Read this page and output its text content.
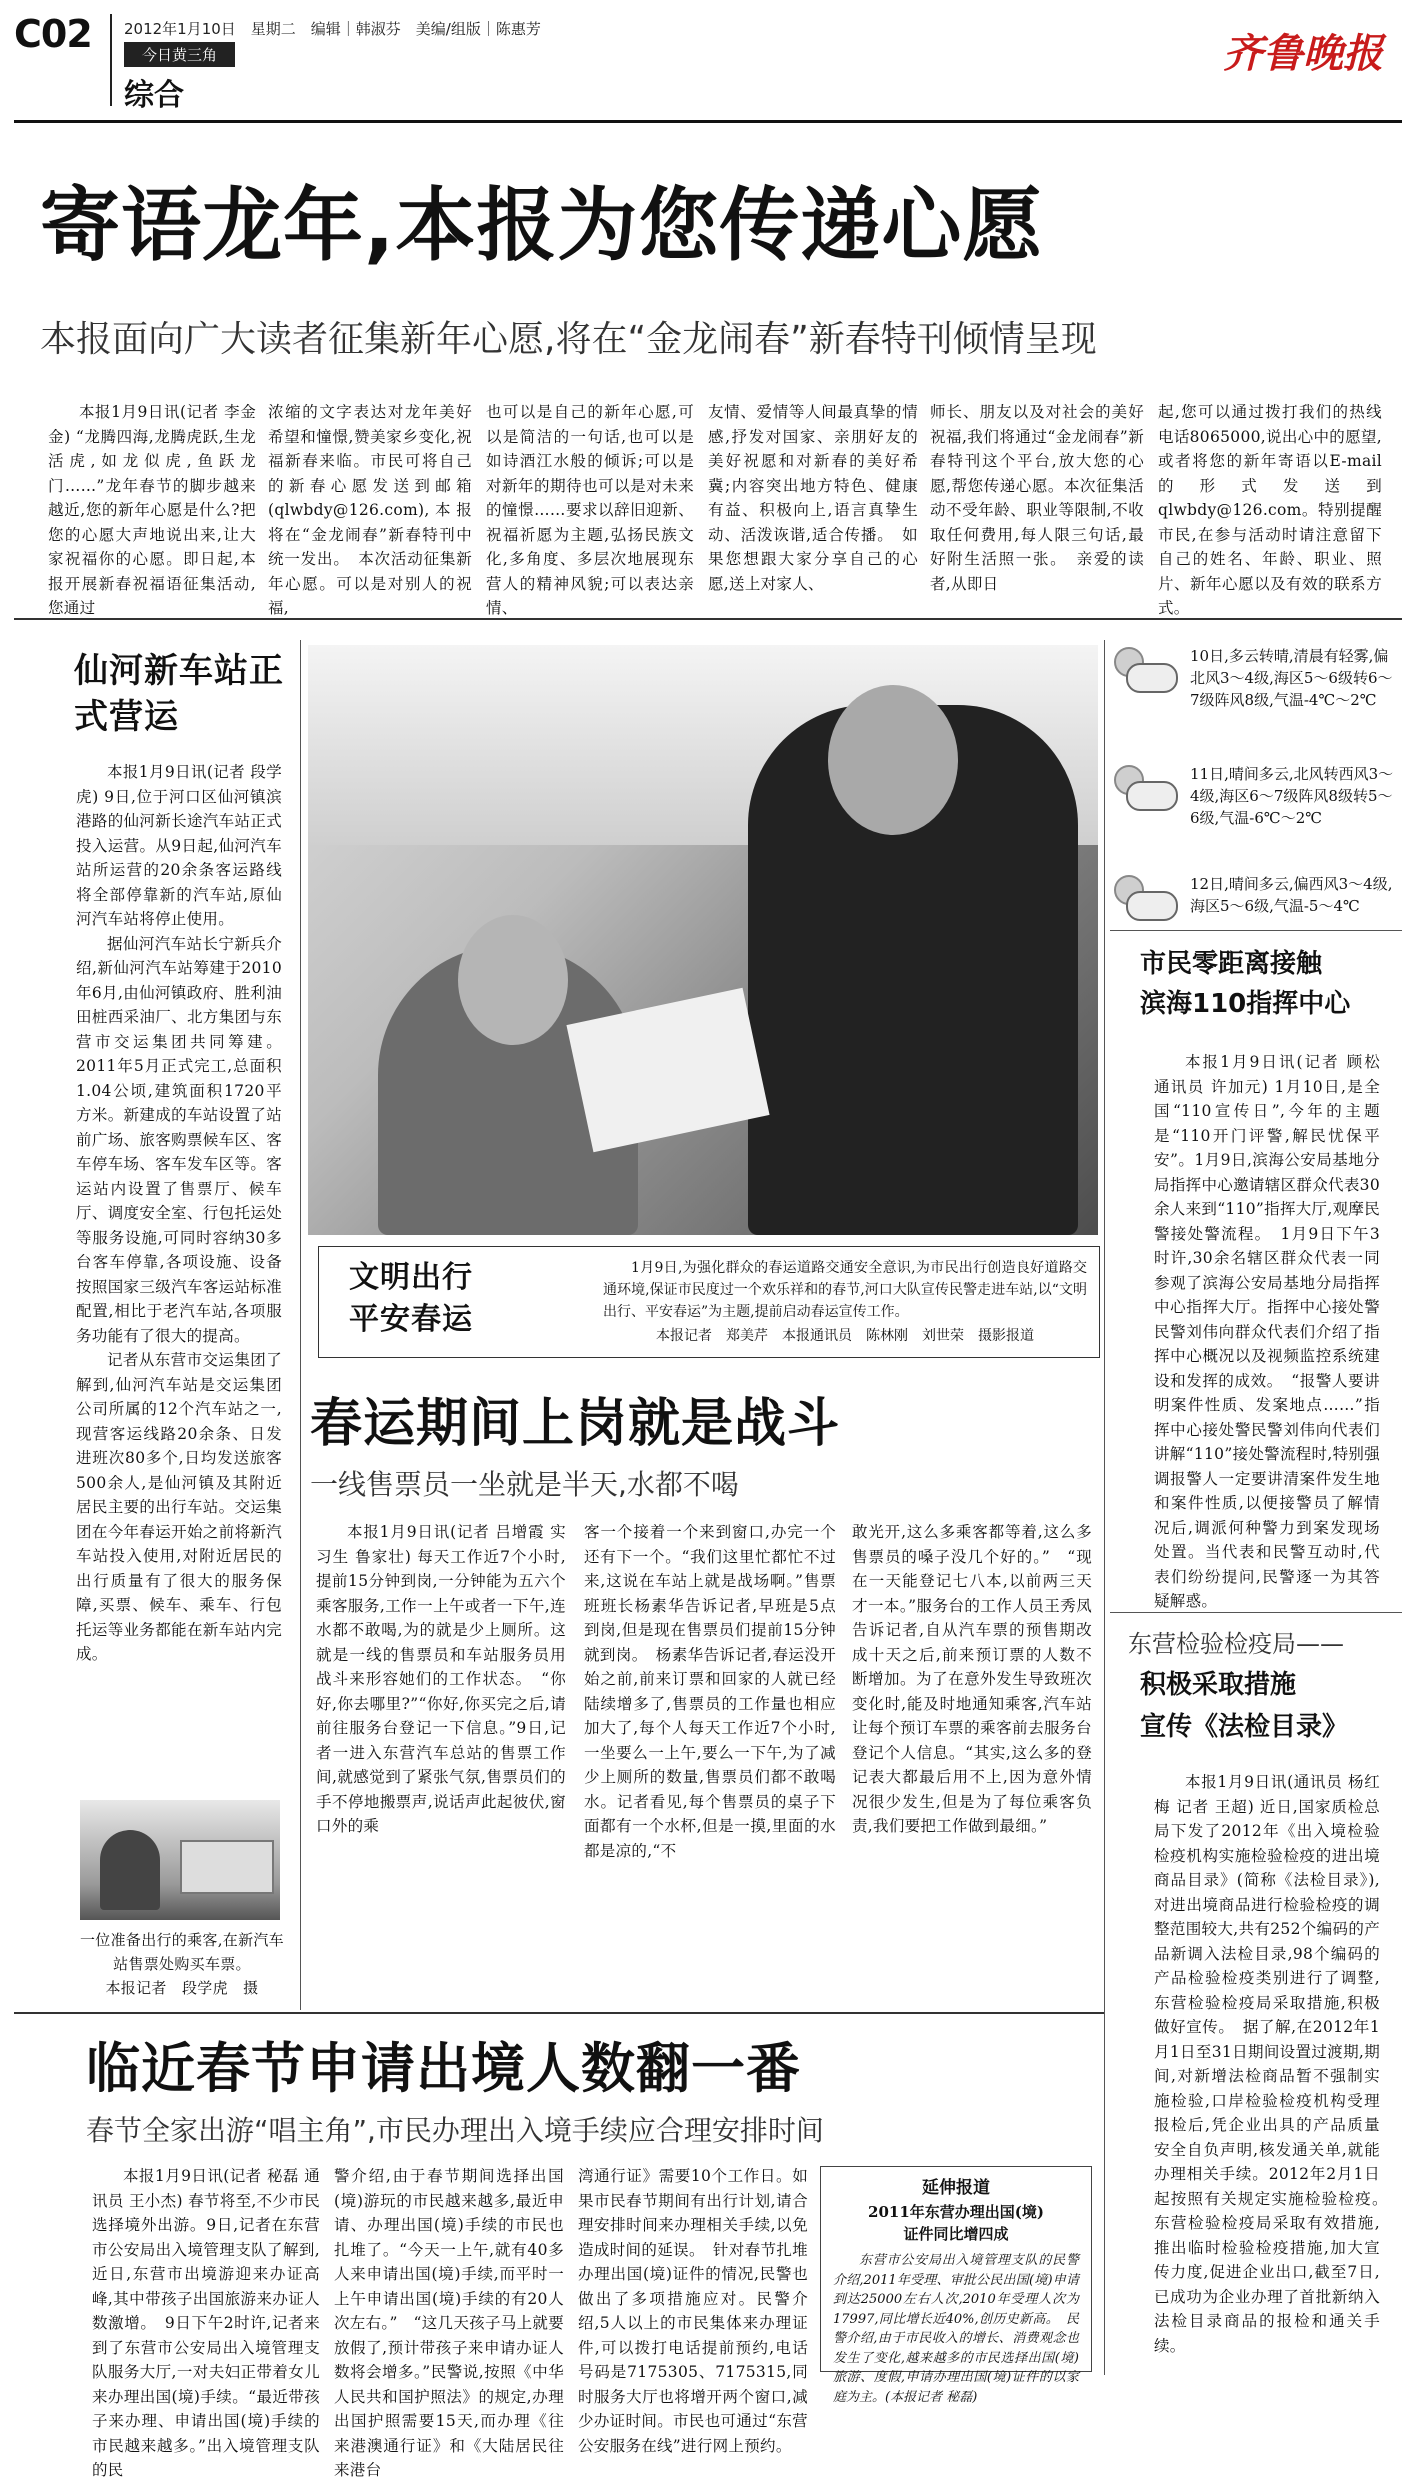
C02 2012年1月10日　星期二　编辑｜韩淑芬　美编/组版｜陈惠芳
今日黄三角
综合
齐鲁晚报
寄语龙年,本报为您传递心愿
本报面向广大读者征集新年心愿,将在“金龙闹春”新春特刊倾情呈现

本报1月9日讯(记者 李金金) “龙腾四海,龙腾虎跃,生龙活虎,如龙似虎,鱼跃龙门……”龙年春节的脚步越来越近,您的新年心愿是什么?把您的心愿大声地说出来,让大家祝福你的心愿。即日起,本报开展新春祝福语征集活动,您通过

浓缩的文字表达对龙年美好希望和憧憬,赞美家乡变化,祝福新春来临。市民可将自己的新春心愿发送到邮箱(qlwbdy@126.com),本报将在“金龙闹春”新春特刊中统一发出。　本次活动征集新年心愿。可以是对别人的祝福,

也可以是自己的新年心愿,可以是简洁的一句话,也可以是如诗酒江水般的倾诉;可以是对新年的期待也可以是对未来的憧憬……要求以辞旧迎新、祝福祈愿为主题,弘扬民族文化,多角度、多层次地展现东营人的精神风貌;可以表达亲情、

友情、爱情等人间最真挚的情感,抒发对国家、亲朋好友的美好祝愿和对新春的美好希冀;内容突出地方特色、健康有益、积极向上,语言真挚生动、活泼诙谐,适合传播。　如果您想跟大家分享自己的心愿,送上对家人、

师长、朋友以及对社会的美好祝福,我们将通过“金龙闹春”新春特刊这个平台,放大您的心愿,帮您传递心愿。本次征集活动不受年龄、职业等限制,不收取任何费用,每人限三句话,最好附生活照一张。　亲爱的读者,从即日

起,您可以通过拨打我们的热线电话8065000,说出心中的愿望,或者将您的新年寄语以E-mail的形式发送到qlwbdy@126.com。特别提醒市民,在参与活动时请注意留下自己的姓名、年龄、职业、照片、新年心愿以及有效的联系方式。

仙河新车站正式营运

本报1月9日讯(记者 段学虎) 9日,位于河口区仙河镇滨港路的仙河新长途汽车站正式投入运营。从9日起,仙河汽车站所运营的20余条客运路线将全部停靠新的汽车站,原仙河汽车站将停止使用。

据仙河汽车站长宁新兵介绍,新仙河汽车站筹建于2010年6月,由仙河镇政府、胜利油田桩西采油厂、北方集团与东营市交运集团共同筹建。2011年5月正式完工,总面积1.04公顷,建筑面积1720平方米。新建成的车站设置了站前广场、旅客购票候车区、客车停车场、客车发车区等。客运站内设置了售票厅、候车厅、调度安全室、行包托运处等服务设施,可同时容纳30多台客车停靠,各项设施、设备按照国家三级汽车客运站标准配置,相比于老汽车站,各项服务功能有了很大的提高。

记者从东营市交运集团了解到,仙河汽车站是交运集团公司所属的12个汽车站之一,现营客运线路20余条、日发进班次80多个,日均发送旅客500余人,是仙河镇及其附近居民主要的出行车站。交运集团在今年春运开始之前将新汽车站投入使用,对附近居民的出行质量有了很大的服务保障,买票、候车、乘车、行包托运等业务都能在新车站内完成。

一位准备出行的乘客,在新汽车站售票处购买车票。
本报记者　段学虎　摄
文明出行
平安春运
1月9日,为强化群众的春运道路交通安全意识,为市民出行创造良好道路交通环境,保证市民度过一个欢乐祥和的春节,河口大队宣传民警走进车站,以“文明出行、平安春运”为主题,提前启动春运宣传工作。
本报记者　郑美芹　本报通讯员　陈林刚　刘世荣　摄影报道
10日,多云转晴,清晨有轻雾,偏北风3～4级,海区5～6级转6～7级阵风8级,气温-4℃～2℃
11日,晴间多云,北风转西风3～4级,海区6～7级阵风8级转5～6级,气温-6℃～2℃
12日,晴间多云,偏西风3～4级,海区5～6级,气温-5～4℃
市民零距离接触
滨海110指挥中心

本报1月9日讯(记者 顾松 通讯员 许加元) 1月10日,是全国“110宣传日”,今年的主题是“110开门评警,解民忧保平安”。1月9日,滨海公安局基地分局指挥中心邀请辖区群众代表30余人来到“110”指挥大厅,观摩民警接处警流程。　1月9日下午3时许,30余名辖区群众代表一同参观了滨海公安局基地分局指挥中心指挥大厅。指挥中心接处警民警刘伟向群众代表们介绍了指挥中心概况以及视频监控系统建设和发挥的成效。　“报警人要讲明案件性质、发案地点……”指挥中心接处警民警刘伟向代表们讲解“110”接处警流程时,特别强调报警人一定要讲清案件发生地和案件性质,以便接警员了解情况后,调派何种警力到案发现场处置。当代表和民警互动时,代表们纷纷提问,民警逐一为其答疑解惑。

东营检验检疫局——
积极采取措施
宣传《法检目录》

本报1月9日讯(通讯员 杨红梅 记者 王超) 近日,国家质检总局下发了2012年《出入境检验检疫机构实施检验检疫的进出境商品目录》(简称《法检目录》),对进出境商品进行检验检疫的调整范围较大,共有252个编码的产品新调入法检目录,98个编码的产品检验检疫类别进行了调整,东营检验检疫局采取措施,积极做好宣传。　据了解,在2012年1月1日至31日期间设置过渡期,期间,对新增法检商品暂不强制实施检验,口岸检验检疫机构受理报检后,凭企业出具的产品质量安全自负声明,核发通关单,就能办理相关手续。2012年2月1日起按照有关规定实施检验检疫。　东营检验检疫局采取有效措施,推出临时检验检疫措施,加大宣传力度,促进企业出口,截至7日,已成功为企业办理了首批新纳入法检目录商品的报检和通关手续。

春运期间上岗就是战斗
一线售票员一坐就是半天,水都不喝

本报1月9日讯(记者 吕增霞 实习生 鲁家壮) 每天工作近7个小时,提前15分钟到岗,一分钟能为五六个乘客服务,工作一上午或者一下午,连水都不敢喝,为的就是少上厕所。这就是一线的售票员和车站服务员用战斗来形容她们的工作状态。　“你好,你去哪里?”“你好,你买完之后,请前往服务台登记一下信息。”9日,记者一进入东营汽车总站的售票工作间,就感觉到了紧张气氛,售票员们的手不停地搬票声,说话声此起彼伏,窗口外的乘

客一个接着一个来到窗口,办完一个还有下一个。“我们这里忙都忙不过来,这说在车站上就是战场啊。”售票班班长杨素华告诉记者,早班是5点到岗,但是现在售票员们提前15分钟就到岗。　杨素华告诉记者,春运没开始之前,前来订票和回家的人就已经陆续增多了,售票员的工作量也相应加大了,每个人每天工作近7个小时,一坐要么一上午,要么一下午,为了减少上厕所的数量,售票员们都不敢喝水。记者看见,每个售票员的桌子下面都有一个水杯,但是一摸,里面的水都是凉的,“不

敢光开,这么多乘客都等着,这么多售票员的嗓子没几个好的。”　“现在一天能登记七八本,以前两三天才一本。”服务台的工作人员王秀凤告诉记者,自从汽车票的预售期改成十天之后,前来预订票的人数不断增加。为了在意外发生导致班次变化时,能及时地通知乘客,汽车站让每个预订车票的乘客前去服务台登记个人信息。“其实,这么多的登记表大都最后用不上,因为意外情况很少发生,但是为了每位乘客负责,我们要把工作做到最细。”

临近春节申请出境人数翻一番
春节全家出游“唱主角”,市民办理出入境手续应合理安排时间

本报1月9日讯(记者 秘磊 通讯员 王小杰) 春节将至,不少市民选择境外出游。9日,记者在东营市公安局出入境管理支队了解到,近日,东营市出境游迎来办证高峰,其中带孩子出国旅游来办证人数激增。　9日下午2时许,记者来到了东营市公安局出入境管理支队服务大厅,一对夫妇正带着女儿来办理出国(境)手续。“最近带孩子来办理、申请出国(境)手续的市民越来越多。”出入境管理支队的民

警介绍,由于春节期间选择出国(境)游玩的市民越来越多,最近申请、办理出国(境)手续的市民也扎堆了。“今天一上午,就有40多人来申请出国(境)手续,而平时一上午申请出国(境)手续的有20人次左右。”　“这几天孩子马上就要放假了,预计带孩子来申请办证人数将会增多。”民警说,按照《中华人民共和国护照法》的规定,办理出国护照需要15天,而办理《往来港澳通行证》和《大陆居民往来港台

湾通行证》需要10个工作日。如果市民春节期间有出行计划,请合理安排时间来办理相关手续,以免造成时间的延误。　针对春节扎堆办理出国(境)证件的情况,民警也做出了多项措施应对。民警介绍,5人以上的市民集体来办理证件,可以拨打电话提前预约,电话号码是7175305、7175315,同时服务大厅也将增开两个窗口,减少办证时间。市民也可通过“东营公安服务在线”进行网上预约。

延伸报道
2011年东营办理出国(境)
证件同比增四成
东营市公安局出入境管理支队的民警介绍,2011年受理、审批公民出国(境)申请到达25000左右人次,2010年受理人次为17997,同比增长近40%,创历史新高。　民警介绍,由于市民收入的增长、消费观念也发生了变化,越来越多的市民选择出国(境)旅游、度假,申请办理出国(境)证件的以家庭为主。(本报记者 秘磊)
